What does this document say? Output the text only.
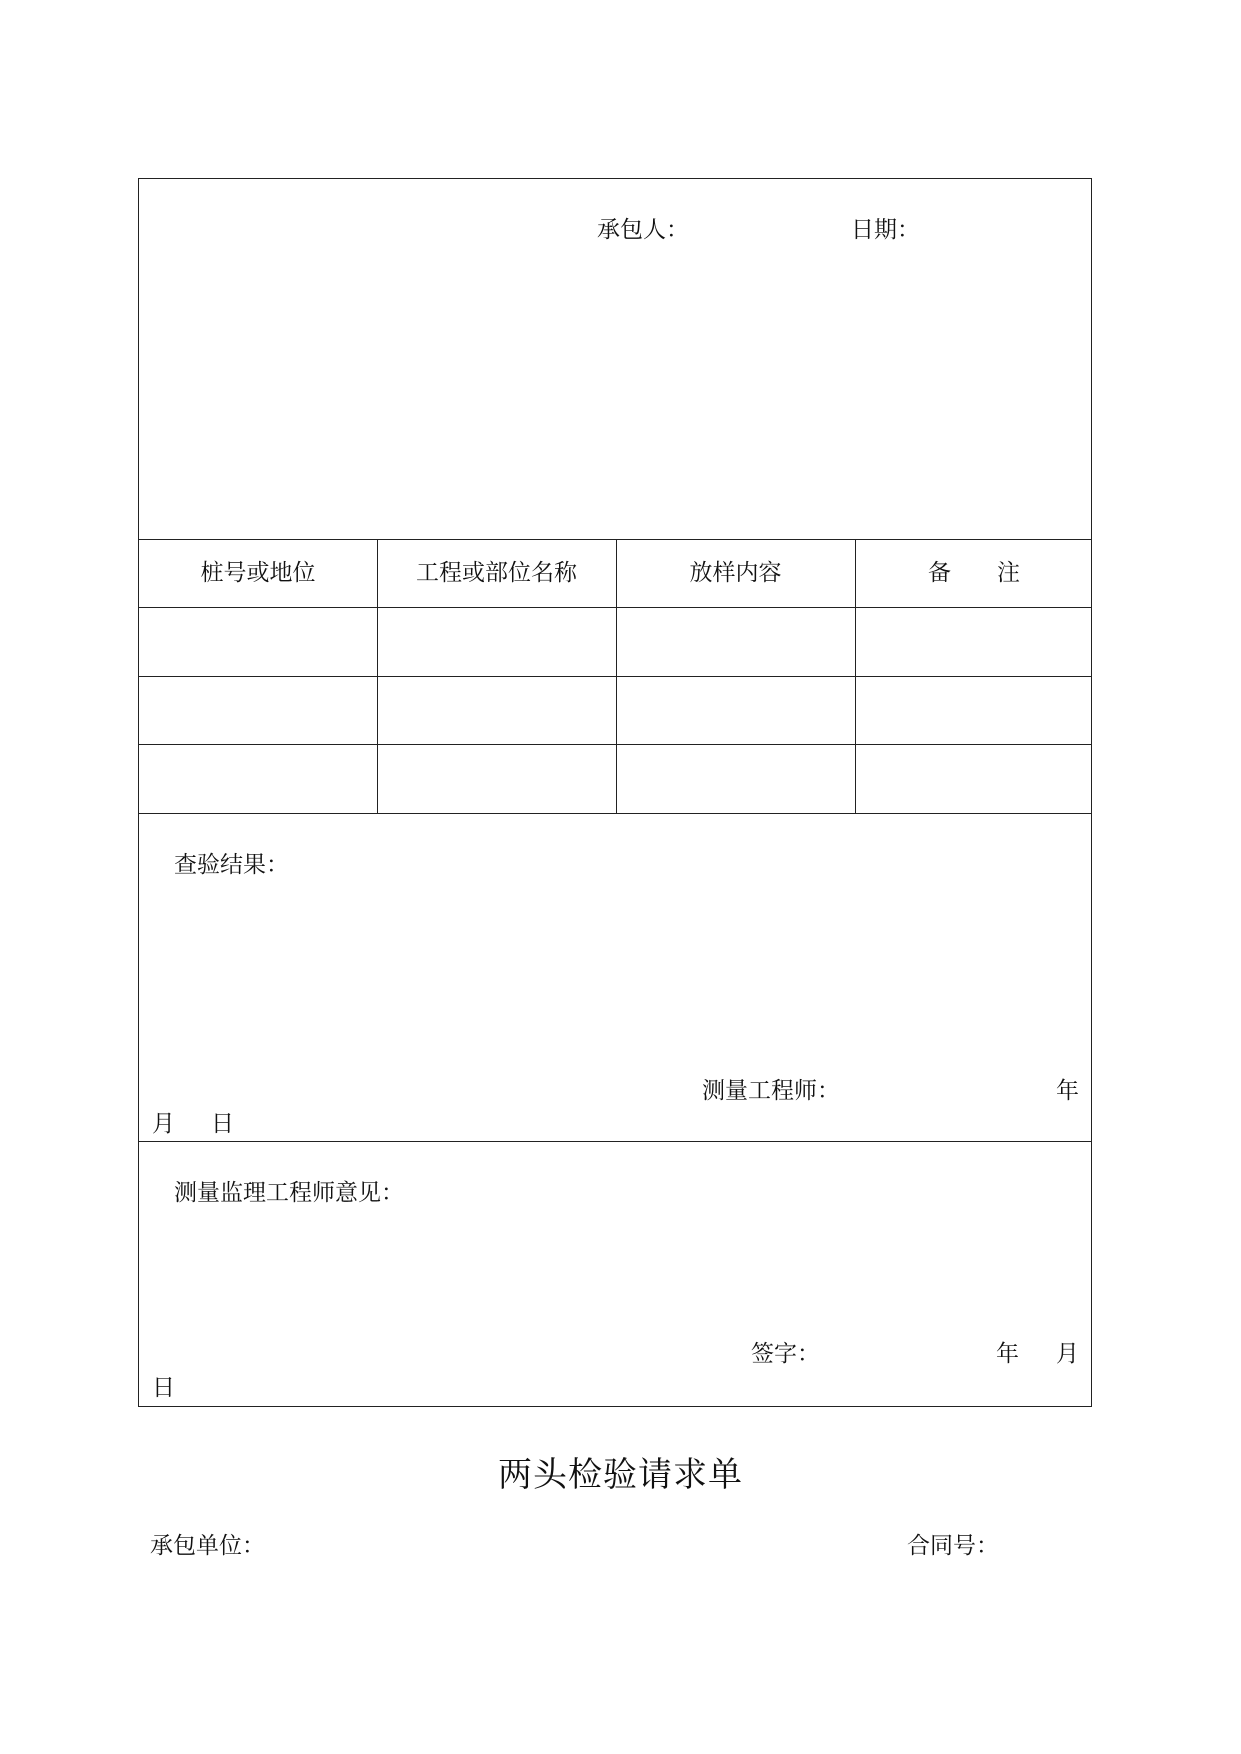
承包人：	日期：
桩号或地位	工程或部位名称	放样内容	备　　注
查验结果：
测量工程师：	年
月 日
测量监理工程师意见：
签字：	年 月
日
两头检验请求单
承包单位：	合同号：
